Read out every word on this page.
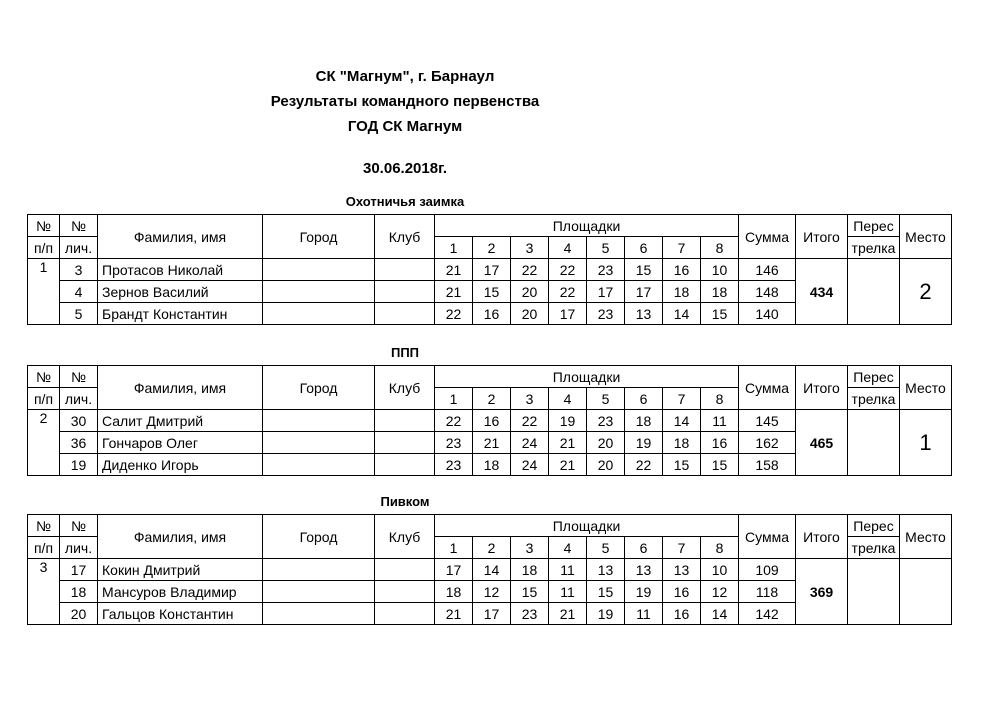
СК "Магнум", г. Барнаул
Результаты командного первенства
ГОД СК Магнум
30.06.2018г.
Охотничья заимка
№	№	Фамилия, имя	Город	Клуб	Площадки								Сумма	Итого	Перес	Место
п/п	лич.				1	2	3	4	5	6	7	8			трелка	
1	3	Протасов Николай			21	17	22	22	23	15	16	10	146	434		2
	4	Зернов Василий			21	15	20	22	17	17	18	18	148			
	5	Брандт Константин			22	16	20	17	23	13	14	15	140			
ППП
№	№	Фамилия, имя	Город	Клуб	Площадки								Сумма	Итого	Перес	Место
п/п	лич.				1	2	3	4	5	6	7	8			трелка	
2	30	Салит Дмитрий			22	16	22	19	23	18	14	11	145	465		1
	36	Гончаров Олег			23	21	24	21	20	19	18	16	162			
	19	Диденко Игорь			23	18	24	21	20	22	15	15	158			
Пивком
№	№	Фамилия, имя	Город	Клуб	Площадки								Сумма	Итого	Перес	Место
п/п	лич.				1	2	3	4	5	6	7	8			трелка	
3	17	Кокин Дмитрий			17	14	18	11	13	13	13	10	109	369		
	18	Мансуров Владимир			18	12	15	11	15	19	16	12	118			
	20	Гальцов Константин			21	17	23	21	19	11	16	14	142			
